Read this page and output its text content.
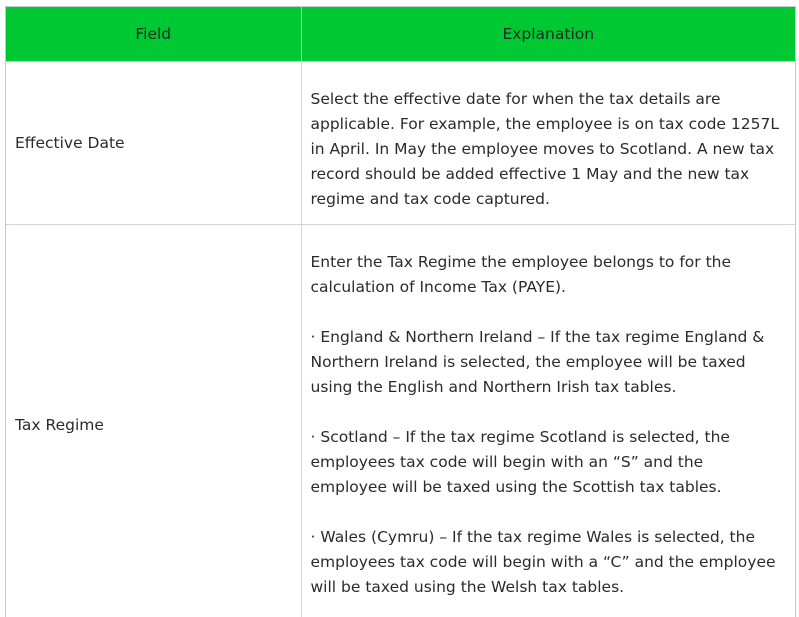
Field	Explanation
Effective Date	Select the effective date for when the tax details are applicable. For example, the employee is on tax code 1257L in April. In May the employee moves to Scotland. A new tax record should be added effective 1 May and the new tax regime and tax code captured.

Tax Regime	Enter the Tax Regime the employee belongs to for the calculation of Income Tax (PAYE).

· England & Northern Ireland – If the tax regime England & Northern Ireland is selected, the employee will be taxed using the English and Northern Irish tax tables.

· Scotland – If the tax regime Scotland is selected, the employees tax code will begin with an “S” and the employee will be taxed using the Scottish tax tables.

· Wales (Cymru) – If the tax regime Wales is selected, the employees tax code will begin with a “C” and the employee will be taxed using the Welsh tax tables.
